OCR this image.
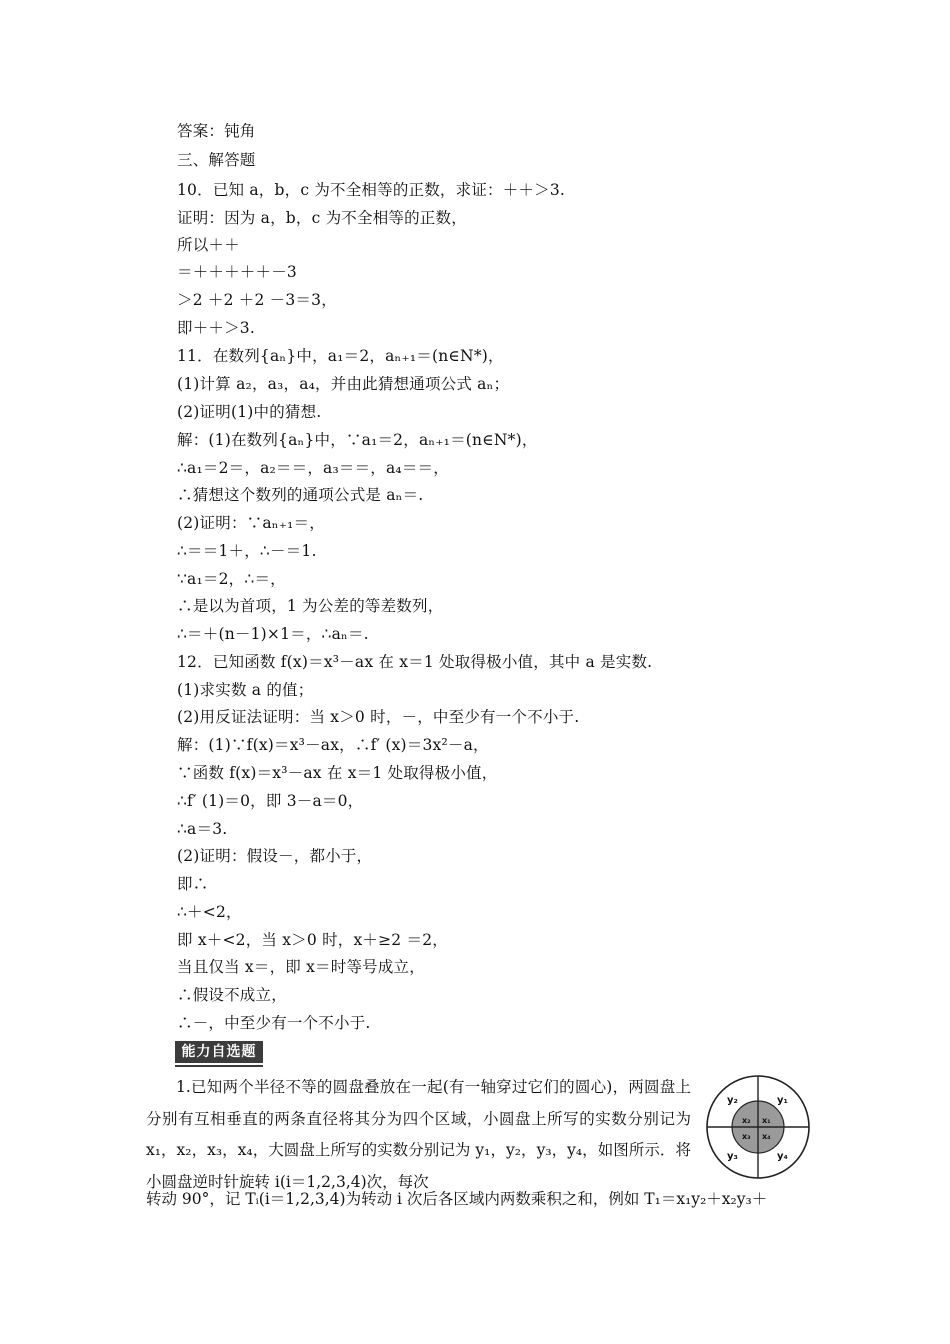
答案：钝角
三、解答题
10．已知 a，b，c 为不全相等的正数，求证：＋＋＞3.
证明：因为 a，b，c 为不全相等的正数，
所以＋＋
＝＋＋＋＋＋－3
＞2 ＋2 ＋2 －3＝3，
即＋＋＞3.
11．在数列{aₙ}中，a₁＝2，aₙ₊₁＝(n∈N*)，
(1)计算 a₂，a₃，a₄，并由此猜想通项公式 aₙ；
(2)证明(1)中的猜想.
解：(1)在数列{aₙ}中，∵a₁＝2，aₙ₊₁＝(n∈N*)，
∴a₁＝2＝，a₂＝＝，a₃＝＝，a₄＝＝，
∴猜想这个数列的通项公式是 aₙ＝.
(2)证明：∵aₙ₊₁＝，
∴＝＝1＋，∴－＝1.
∵a₁＝2，∴＝，
∴是以为首项，1 为公差的等差数列，
∴＝＋(n－1)×1＝，∴aₙ＝.
12．已知函数 f(x)＝x³－ax 在 x＝1 处取得极小值，其中 a 是实数.
(1)求实数 a 的值；
(2)用反证法证明：当 x＞0 时，－，中至少有一个不小于.
解：(1)∵f(x)＝x³－ax，∴f′ (x)＝3x²－a，
∵函数 f(x)＝x³－ax 在 x＝1 处取得极小值，
∴f′ (1)＝0，即 3－a＝0，
∴a＝3.
(2)证明：假设－，都小于，
即∴
∴＋<2，
即 x＋<2，当 x＞0 时，x＋≥2 ＝2，
当且仅当 x＝，即 x＝时等号成立，
∴假设不成立，
∴－，中至少有一个不小于.
能力自选题
1.已知两个半径不等的圆盘叠放在一起(有一轴穿过它们的圆心)，两圆盘上分别有互相垂直的两条直径将其分为四个区域，小圆盘上所写的实数分别记为 x₁，x₂，x₃，x₄，大圆盘上所写的实数分别记为 y₁，y₂，y₃，y₄，如图所示．将小圆盘逆时针旋转 i(i＝1,2,3,4)次，每次
转动 90°，记 Tᵢ(i＝1,2,3,4)为转动 i 次后各区域内两数乘积之和，例如 T₁＝x₁y₂＋x₂y₃＋
y₂	y₁
y₃	y₄
x₂ x₁
x₃ x₄
